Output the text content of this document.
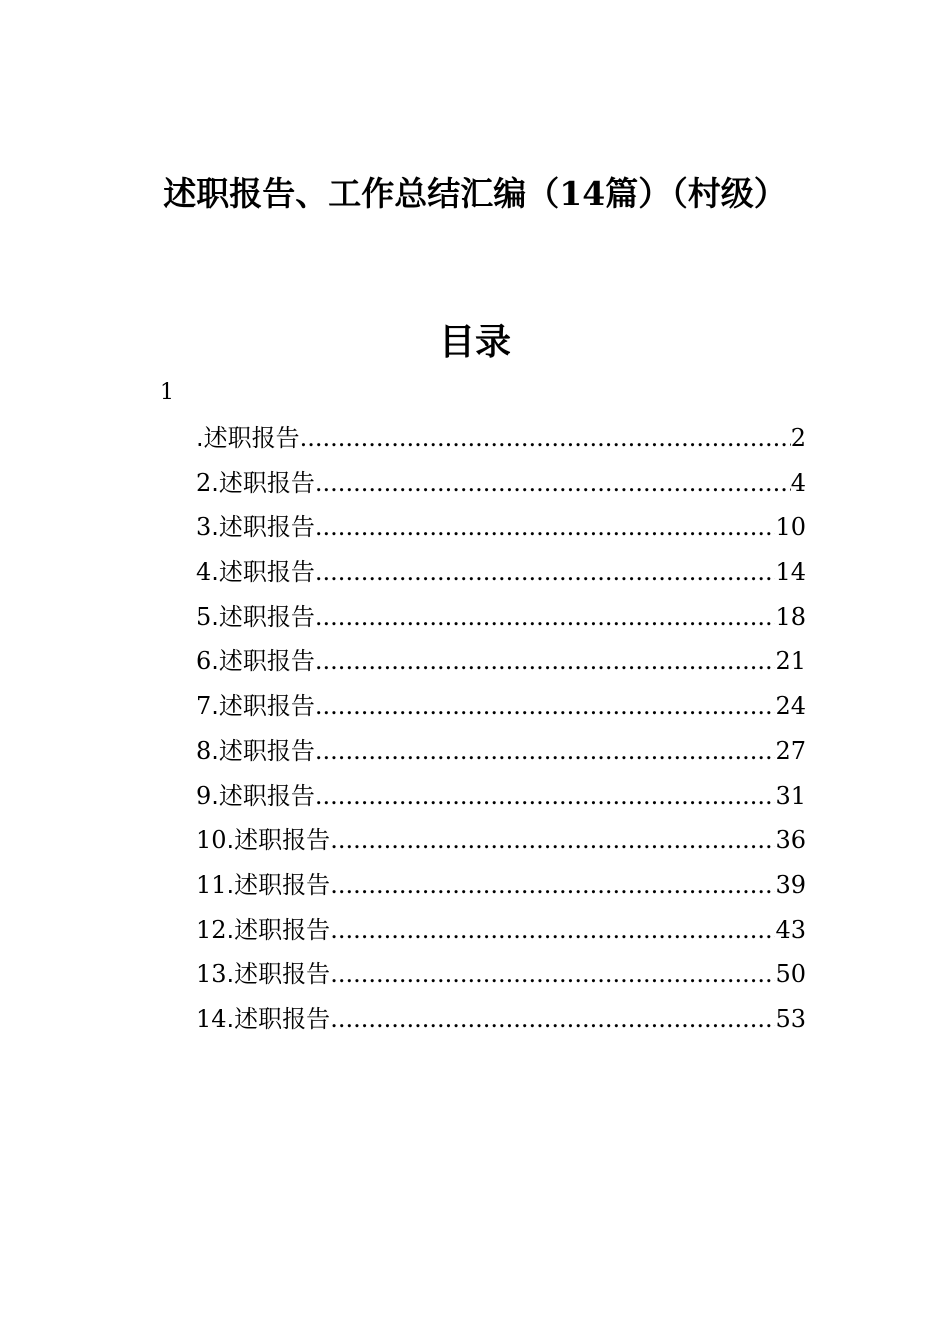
述职报告、工作总结汇编（14篇）（村级）
目录
1
.述职报告 .....	2
2.述职报告 .....	4
3.述职报告 .....	10
4.述职报告 .....	14
5.述职报告 .....	18
6.述职报告 .....	21
7.述职报告 .....	24
8.述职报告 .....	27
9.述职报告 .....	31
10.述职报告 .....	36
11.述职报告 .....	39
12.述职报告 .....	43
13.述职报告 .....	50
14.述职报告 .....	53
